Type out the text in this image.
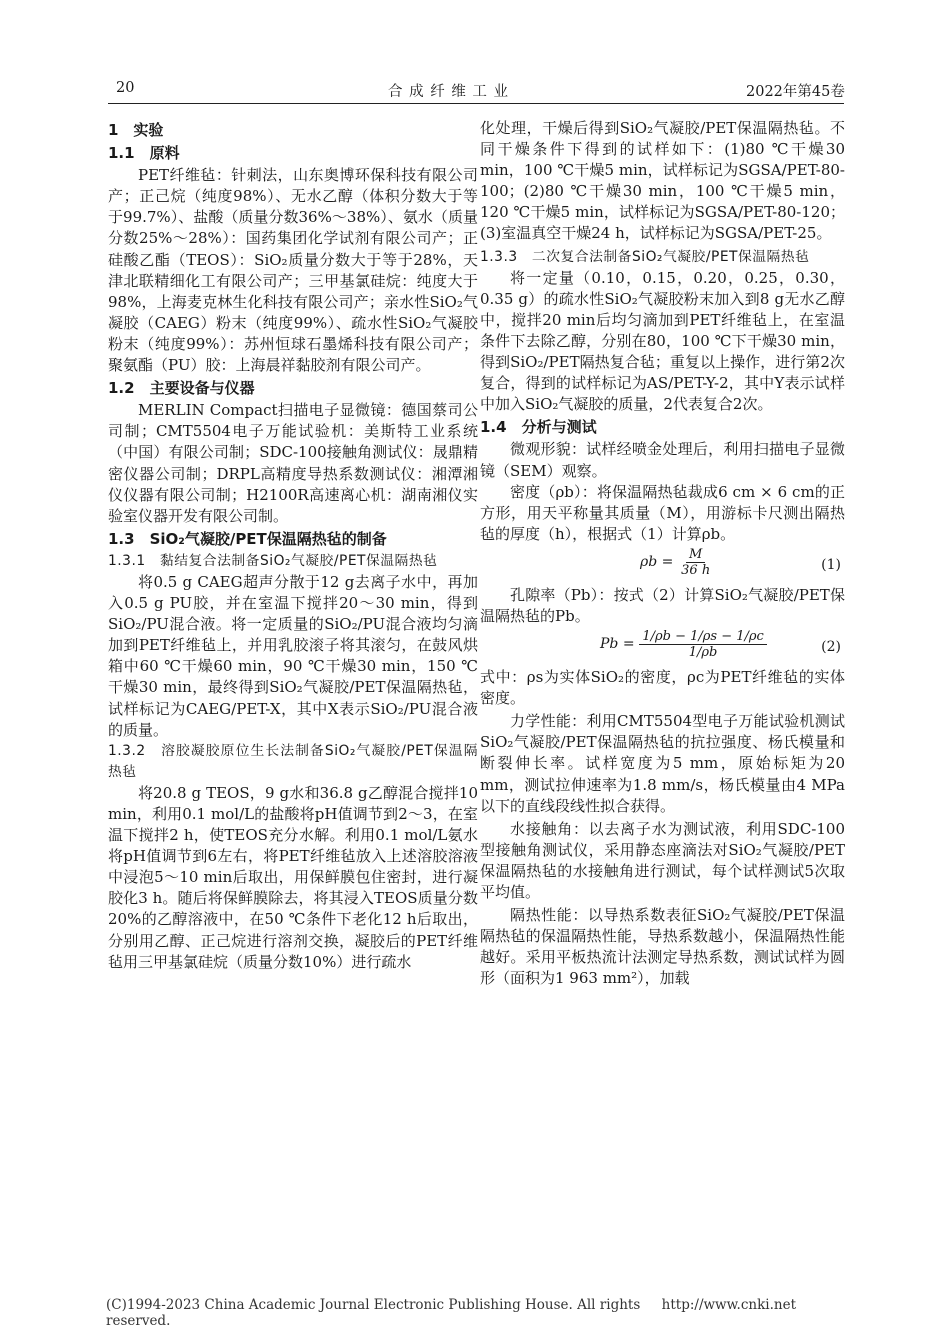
20	合 成 纤 维 工 业	2022年第45卷
1　实验
1.1　原料

PET纤维毡：针刺法，山东奥博环保科技有限公司产；正己烷（纯度98%）、无水乙醇（体积分数大于等于99.7%）、盐酸（质量分数36%～38%）、氨水（质量分数25%～28%）：国药集团化学试剂有限公司产；正硅酸乙酯（TEOS）：SiO₂质量分数大于等于28%，天津北联精细化工有限公司产；三甲基氯硅烷：纯度大于98%，上海麦克林生化科技有限公司产；亲水性SiO₂气凝胶（CAEG）粉末（纯度99%）、疏水性SiO₂气凝胶粉末（纯度99%）：苏州恒球石墨烯科技有限公司产；聚氨酯（PU）胶：上海晨祥黏胶剂有限公司产。

1.2　主要设备与仪器

MERLIN Compact扫描电子显微镜：德国蔡司公司制；CMT5504电子万能试验机：美斯特工业系统（中国）有限公司制；SDC-100接触角测试仪：晟鼎精密仪器公司制；DRPL高精度导热系数测试仪：湘潭湘仪仪器有限公司制；H2100R高速离心机：湖南湘仪实验室仪器开发有限公司制。

1.3　SiO₂气凝胶/PET保温隔热毡的制备

1.3.1　黏结复合法制备SiO₂气凝胶/PET保温隔热毡

将0.5 g CAEG超声分散于12 g去离子水中，再加入0.5 g PU胶，并在室温下搅拌20～30 min，得到SiO₂/PU混合液。将一定质量的SiO₂/PU混合液均匀滴加到PET纤维毡上，并用乳胶滚子将其滚匀，在鼓风烘箱中60 ℃干燥60 min，90 ℃干燥30 min，150 ℃干燥30 min，最终得到SiO₂气凝胶/PET保温隔热毡，试样标记为CAEG/PET-X，其中X表示SiO₂/PU混合液的质量。

1.3.2　溶胶凝胶原位生长法制备SiO₂气凝胶/PET保温隔热毡

将20.8 g TEOS，9 g水和36.8 g乙醇混合搅拌10 min，利用0.1 mol/L的盐酸将pH值调节到2～3，在室温下搅拌2 h，使TEOS充分水解。利用0.1 mol/L氨水将pH值调节到6左右，将PET纤维毡放入上述溶胶溶液中浸泡5～10 min后取出，用保鲜膜包住密封，进行凝胶化3 h。随后将保鲜膜除去，将其浸入TEOS质量分数20%的乙醇溶液中，在50 ℃条件下老化12 h后取出，分别用乙醇、正己烷进行溶剂交换，凝胶后的PET纤维毡用三甲基氯硅烷（质量分数10%）进行疏水

化处理，干燥后得到SiO₂气凝胶/PET保温隔热毡。不同干燥条件下得到的试样如下：(1)80 ℃干燥30 min，100 ℃干燥5 min，试样标记为SGSA/PET-80-100；(2)80 ℃干燥30 min，100 ℃干燥5 min，120 ℃干燥5 min，试样标记为SGSA/PET-80-120；(3)室温真空干燥24 h，试样标记为SGSA/PET-25。

1.3.3　二次复合法制备SiO₂气凝胶/PET保温隔热毡

将一定量（0.10，0.15，0.20，0.25，0.30，0.35 g）的疏水性SiO₂气凝胶粉末加入到8 g无水乙醇中，搅拌20 min后均匀滴加到PET纤维毡上，在室温条件下去除乙醇，分别在80，100 ℃下干燥30 min，得到SiO₂/PET隔热复合毡；重复以上操作，进行第2次复合，得到的试样标记为AS/PET-Y-2，其中Y表示试样中加入SiO₂气凝胶的质量，2代表复合2次。

1.4　分析与测试

微观形貌：试样经喷金处理后，利用扫描电子显微镜（SEM）观察。

密度（ρb）：将保温隔热毡裁成6 cm × 6 cm的正方形，用天平称量其质量（M），用游标卡尺测出隔热毡的厚度（h），根据式（1）计算ρb。

$\rho b = \frac{M}{36 h}$	(1)

孔隙率（Pb）：按式（2）计算SiO₂气凝胶/PET保温隔热毡的Pb。

$Pb = \frac{1/\rho b - 1/\rho s - 1/\rho c}{1/\rho b}$	(2)

式中：ρs为实体SiO₂的密度，ρc为PET纤维毡的实体密度。

力学性能：利用CMT5504型电子万能试验机测试SiO₂气凝胶/PET保温隔热毡的抗拉强度、杨氏模量和断裂伸长率。试样宽度为5 mm，原始标矩为20 mm，测试拉伸速率为1.8 mm/s，杨氏模量由4 MPa以下的直线段线性拟合获得。

水接触角：以去离子水为测试液，利用SDC-100型接触角测试仪，采用静态座滴法对SiO₂气凝胶/PET保温隔热毡的水接触角进行测试，每个试样测试5次取平均值。

隔热性能：以导热系数表征SiO₂气凝胶/PET保温隔热毡的保温隔热性能，导热系数越小，保温隔热性能越好。采用平板热流计法测定导热系数，测试试样为圆形（面积为1 963 mm²），加载

(C)1994-2023 China Academic Journal Electronic Publishing House. All rights reserved.
http://www.cnki.net
